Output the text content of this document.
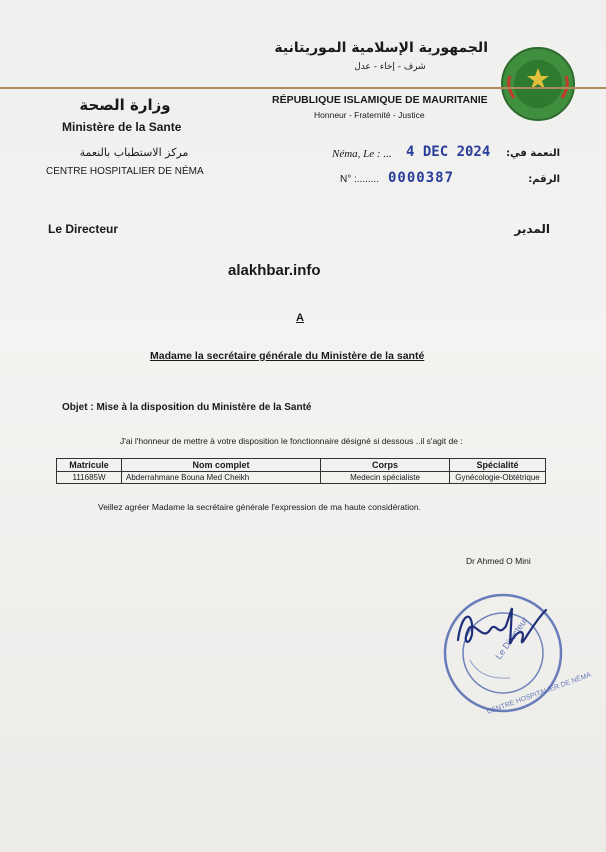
الجمهورية الإسلامية الموريتانية
شرف - إخاء - عدل
RÉPUBLIQUE ISLAMIQUE DE MAURITANIE
Honneur - Fraternité - Justice
وزارة الصحة
Ministère de la Sante
مركز الاستطباب بالنعمة
CENTRE HOSPITALIER DE NÉMA
Néma, Le : ... 4 DEC 2024 النعمة في:
N° :........ 0000387	الرقم:
Le Directeur	المدير
alakhbar.info
A
Madame la secrétaire générale du Ministère de la santé
Objet : Mise à la disposition du Ministère de la Santé
J'ai l'honneur de mettre à votre disposition le fonctionnaire désigné si dessous ..il s'agit de :
Matricule	Nom complet	Corps	Spécialité
111685W	Abderrahmane Bouna Med Cheikh	Medecin spécialiste	Gynécologie-Obtétrique
Veillez agréer Madame la secrétaire générale l'expression de ma haute considération.
Dr Ahmed O Mini
Le Directeur
CENTRE HOSPITALIER DE NÉMA
